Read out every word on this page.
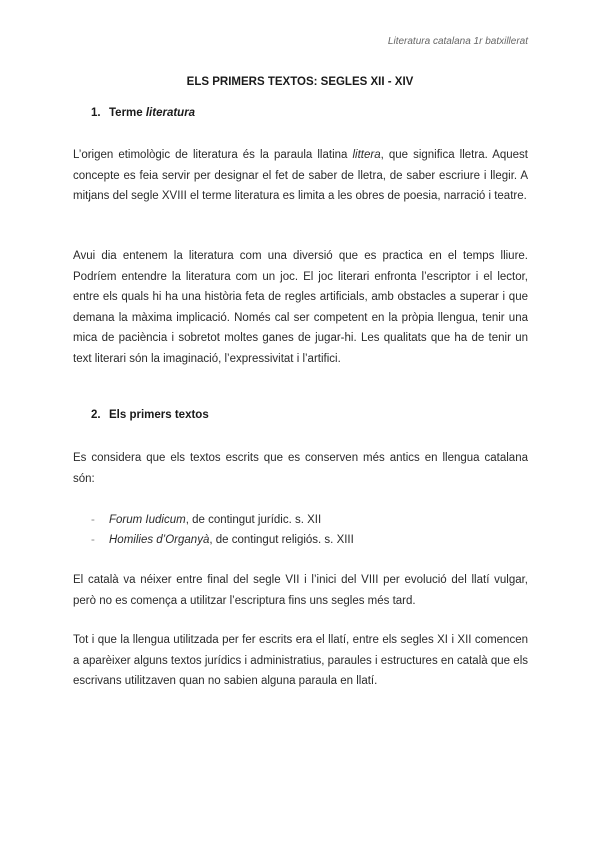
Literatura catalana 1r batxillerat
ELS PRIMERS TEXTOS: SEGLES XII - XIV
1. Terme literatura
L’origen etimològic de literatura és la paraula llatina littera, que significa lletra. Aquest concepte es feia servir per designar el fet de saber de lletra, de saber escriure i llegir. A mitjans del segle XVIII el terme literatura es limita a les obres de poesia, narració i teatre.
Avui dia entenem la literatura com una diversió que es practica en el temps lliure. Podríem entendre la literatura com un joc. El joc literari enfronta l’escriptor i el lector, entre els quals hi ha una història feta de regles artificials, amb obstacles a superar i que demana la màxima implicació. Només cal ser competent en la pròpia llengua, tenir una mica de paciència i sobretot moltes ganes de jugar-hi. Les qualitats que ha de tenir un text literari són la imaginació, l’expressivitat i l’artifici.
2. Els primers textos
Es considera que els textos escrits que es conserven més antics en llengua catalana són:
- Forum Iudicum, de contingut jurídic. s. XII
- Homilies d’Organyà, de contingut religiós. s. XIII
El català va néixer entre final del segle VII i l’inici del VIII per evolució del llatí vulgar, però no es comença a utilitzar l’escriptura fins uns segles més tard.
Tot i que la llengua utilitzada per fer escrits era el llatí, entre els segles XI i XII comencen a aparèixer alguns textos jurídics i administratius, paraules i estructures en català que els escrivans utilitzaven quan no sabien alguna paraula en llatí.
